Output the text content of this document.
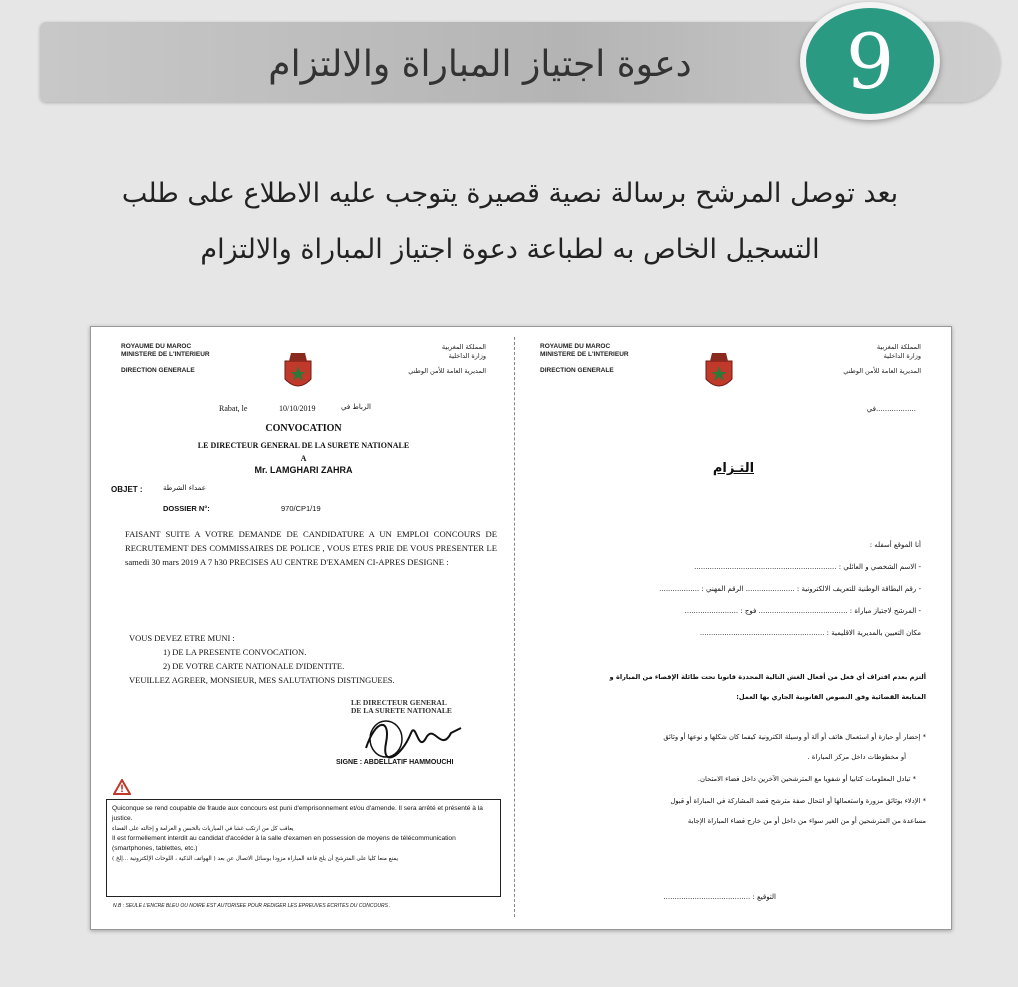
دعوة اجتياز المباراة والالتزام	9
بعد توصل المرشح برسالة نصية قصيرة يتوجب عليه الاطلاع على طلب
التسجيل الخاص به لطباعة دعوة اجتياز المباراة والالتزام
ROYAUME DU MAROC
MINISTERE DE L'INTERIEUR
DIRECTION GENERALE
المملكة المغربية
وزارة الداخلية
المديرية العامة للأمن الوطني
Rabat, le	10/10/2019	الرباط في
CONVOCATION
LE DIRECTEUR GENERAL DE LA SURETE NATIONALE
A
Mr. LAMGHARI ZAHRA
OBJET :	عمداء الشرطة
DOSSIER N°:	970/CP1/19
FAISANT SUITE A VOTRE DEMANDE DE CANDIDATURE A UN EMPLOI CONCOURS DE RECRUTEMENT DES COMMISSAIRES DE POLICE , VOUS ETES PRIE DE VOUS PRESENTER LE samedi 30 mars 2019 A 7 h30 PRECISES AU CENTRE D'EXAMEN CI-APRES DESIGNE :
VOUS DEVEZ ETRE MUNI :
1) DE LA PRESENTE CONVOCATION.
2) DE VOTRE CARTE NATIONALE D'IDENTITE.
VEUILLEZ AGREER, MONSIEUR, MES SALUTATIONS DISTINGUEES.
LE DIRECTEUR GENERAL
DE LA SURETE NATIONALE
SIGNE : ABDELLATIF HAMMOUCHI
Quiconque se rend coupable de fraude aux concours est puni d'emprisonnement et/ou d'amende. Il sera arrêté et présenté à la justice.
يعاقب كل من ارتكب غشا في المباريات بالحبس و الغرامة و إحالته على القضاء
Il est formellement interdit au candidat d'accéder à la salle d'examen en possession de moyens de télécommunication (smartphones, tablettes, etc.)
يمنع منعا كليا على المترشح أن يلج قاعة المباراة مزودا بوسائل الاتصال عن بعد ( الهواتف الذكية ، اللوحات الإلكترونية ...إلخ )
N.B : SEULE L'ENCRE BLEU OU NOIRE EST AUTORISEE POUR REDIGER LES EPREUVES ECRITES DU CONCOURS .
ROYAUME DU MAROC
MINISTERE DE L'INTERIEUR
DIRECTION GENERALE
المملكة المغربية
وزارة الداخلية
المديرية العامة للأمن الوطني
..................في
التـزام
أنا الموقع أسفله :
- الاسم الشخصي و العائلي : ................................................................
- رقم البطاقة الوطنية للتعريف الالكترونية : ...................... الرقم المهني : ..................
- المرشح لاجتياز مباراة : ........................................ فوج : ........................
مكان التعيين بالمديرية الاقليمية : ........................................................
ألتزم بعدم اقتراف أي فعل من أفعال الغش التالية المحددة قانونا تحت طائلة الإقصاء من المباراة و
المتابعة القضائية وفق النصوص القانونية الجاري بها العمل:
* إحضار أو حيازة أو استعمال هاتف أو آلة أو وسيلة الكترونية كيفما كان شكلها و نوعها أو وثائق
أو مخطوطات داخل مركز المباراة .
* تبادل المعلومات كتابيا أو شفويا مع المترشحين الآخرين داخل فضاء الامتحان.
* الإدلاء بوثائق مزورة واستعمالها أو انتحال صفة مترشح قصد المشاركة في المباراة أو قبول
مساعدة من المترشحين أو من الغير سواء من داخل أو من خارج فضاء المباراة الإجابة
التوقيع : .......................................
